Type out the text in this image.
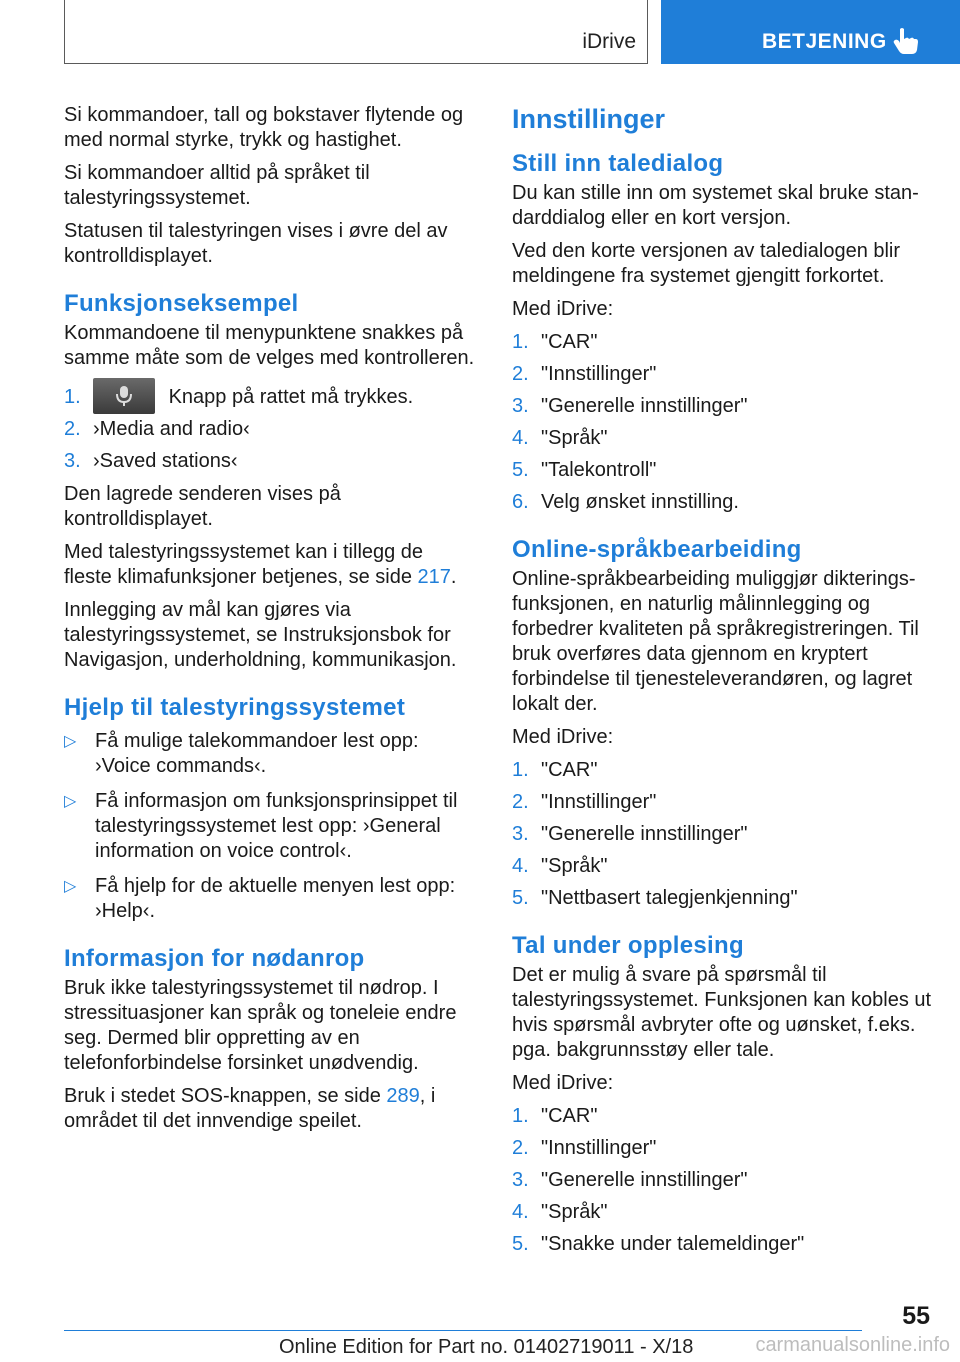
iDrive	BETJENING

Si kommandoer, tall og bokstaver flytende og med normal styrke, trykk og hastighet.

Si kommandoer alltid på språket til talestyringssystemet.

Statusen til talestyringen vises i øvre del av kontrolldisplayet.

Funksjonseksempel

Kommandoene til menypunktene snakkes på samme måte som de velges med kontrolleren.

1.	Knapp på rattet må trykkes.
2. ›Media and radio‹
3. ›Saved stations‹

Den lagrede senderen vises på kontrolldisplayet.

Med talestyringssystemet kan i tillegg de fleste klimafunksjoner betjenes, se side 217.

Innlegging av mål kan gjøres via talestyringssystemet, se Instruksjonsbok for Navigasjon, underholdning, kommunikasjon.

Hjelp til talestyringssystemet
▷ Få mulige talekommandoer lest opp: ›Voice commands‹.
▷ Få informasjon om funksjonsprinsippet til talestyringssystemet lest opp: ›General information on voice control‹.
▷ Få hjelp for de aktuelle menyen lest opp: ›Help‹.
Informasjon for nødanrop

Bruk ikke talestyringssystemet til nødrop. I stressituasjoner kan språk og toneleie endre seg. Dermed blir oppretting av en telefonforbindelse forsinket unødvendig.

Bruk i stedet SOS-knappen, se side 289, i området til det innvendige speilet.

Innstillinger
Still inn taledialog

Du kan stille inn om systemet skal bruke standarddialog eller en kort versjon.

Ved den korte versjonen av taledialogen blir meldingene fra systemet gjengitt forkortet.

Med iDrive:

1. "CAR"
2. "Innstillinger"
3. "Generelle innstillinger"
4. "Språk"
5. "Talekontroll"
6. Velg ønsket innstilling.
Online-språkbearbeiding

Online-språkbearbeiding muliggjør dikteringsfunksjonen, en naturlig målinnlegging og forbedrer kvaliteten på språkregistreringen. Til bruk overføres data gjennom en kryptert forbindelse til tjenesteleverandøren, og lagret lokalt der.

Med iDrive:

1. "CAR"
2. "Innstillinger"
3. "Generelle innstillinger"
4. "Språk"
5. "Nettbasert talegjenkjenning"
Tal under opplesing

Det er mulig å svare på spørsmål til talestyringssystemet. Funksjonen kan kobles ut hvis spørsmål avbryter ofte og uønsket, f.eks. pga. bakgrunnsstøy eller tale.

Med iDrive:

1. "CAR"
2. "Innstillinger"
3. "Generelle innstillinger"
4. "Språk"
5. "Snakke under talemeldinger"
55
Online Edition for Part no. 01402719011 - X/18	carmanualsonline.info
